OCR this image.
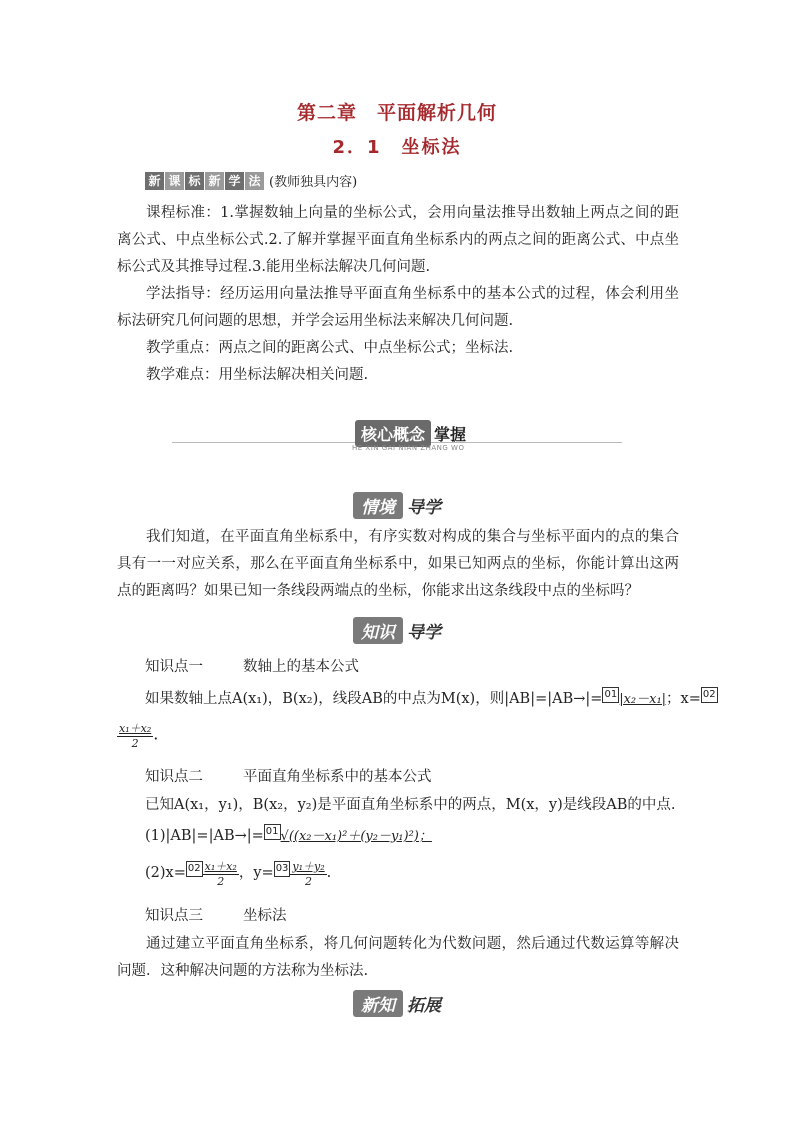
第二章　平面解析几何
2．1　坐标法
新 课 标 新 学 法 (教师独具内容)
课程标准：1.掌握数轴上向量的坐标公式，会用向量法推导出数轴上两点之间的距离公式、中点坐标公式.2.了解并掌握平面直角坐标系内的两点之间的距离公式、中点坐标公式及其推导过程.3.能用坐标法解决几何问题.
学法指导：经历运用向量法推导平面直角坐标系中的基本公式的过程，体会利用坐标法研究几何问题的思想，并学会运用坐标法来解决几何问题.
教学重点：两点之间的距离公式、中点坐标公式；坐标法.
教学难点：用坐标法解决相关问题.
核心概念 掌握
HE XIN GAI NIAN ZHANG WO
情境 导学
我们知道，在平面直角坐标系中，有序实数对构成的集合与坐标平面内的点的集合具有一一对应关系，那么在平面直角坐标系中，如果已知两点的坐标，你能计算出这两点的距离吗？如果已知一条线段两端点的坐标，你能求出这条线段中点的坐标吗？
知识 导学
知识点一	数轴上的基本公式
如果数轴上点A(x₁)，B(x₂)，线段AB的中点为M(x)，则|AB|=|AB→|= 01 |x₂－x₁|；x= 02
$\frac{\text{x₁＋x₂}}{2}$ .
知识点二	平面直角坐标系中的基本公式
已知A(x₁，y₁)，B(x₂，y₂)是平面直角坐标系中的两点，M(x，y)是线段AB的中点.
(1)|AB|=|AB→|= 01 √((x₂－x₁)²＋(y₂－y₁)²)；
$(2)x= 02 \frac{\text{x₁＋x₂}}{2}$ ，$y= 03 \frac{\text{y₁＋y₂}}{2}$ .
知识点三	坐标法
通过建立平面直角坐标系，将几何问题转化为代数问题，然后通过代数运算等解决问题．这种解决问题的方法称为坐标法.
新知 拓展
